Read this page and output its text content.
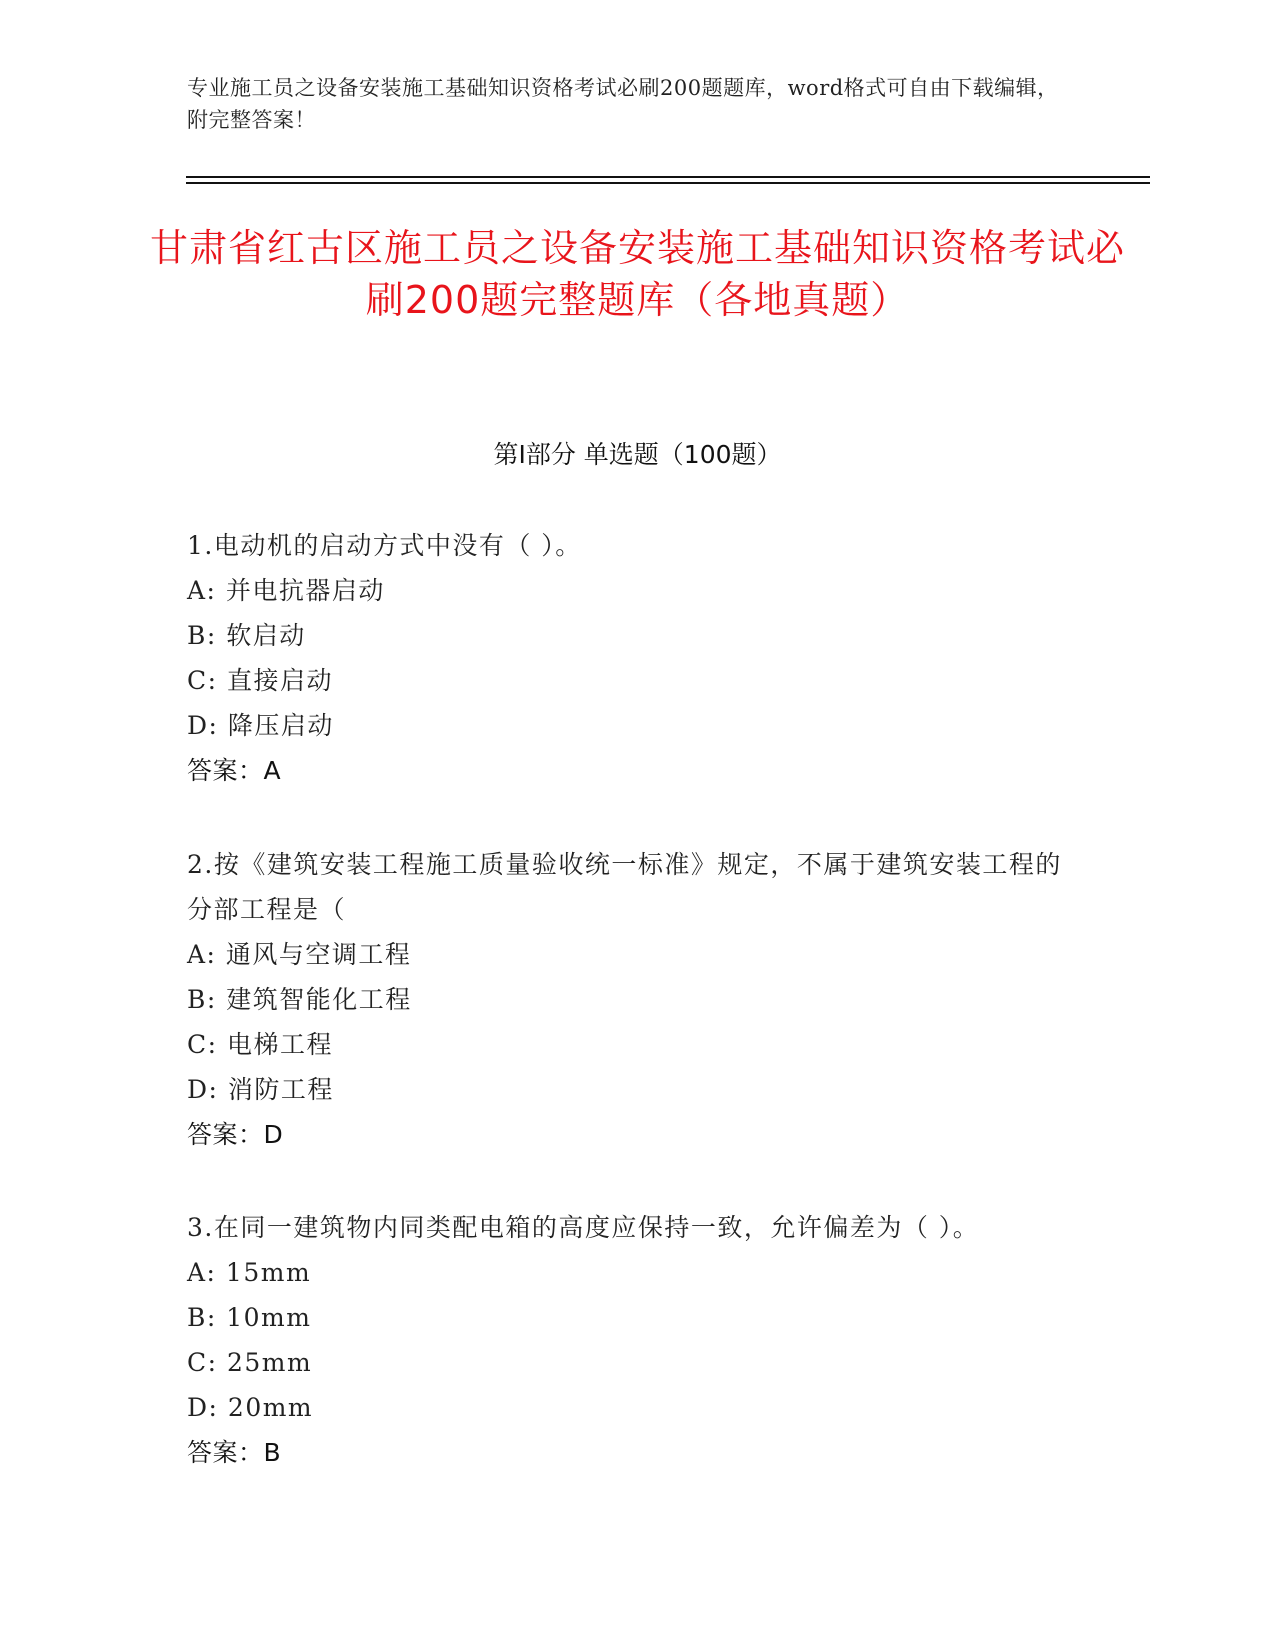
专业施工员之设备安装施工基础知识资格考试必刷200题题库，word格式可自由下载编辑，附完整答案！
甘肃省红古区施工员之设备安装施工基础知识资格考试必刷200题完整题库（各地真题）
第Ⅰ部分 单选题（100题）
1.电动机的启动方式中没有（ ）。
A: 并电抗器启动
B: 软启动
C: 直接启动
D: 降压启动
答案：A
2.按《建筑安装工程施工质量验收统一标准》规定，不属于建筑安装工程的分部工程是（
A: 通风与空调工程
B: 建筑智能化工程
C: 电梯工程
D: 消防工程
答案：D
3.在同一建筑物内同类配电箱的高度应保持一致，允许偏差为（ ）。
A: 15mm
B: 10mm
C: 25mm
D: 20mm
答案：B
